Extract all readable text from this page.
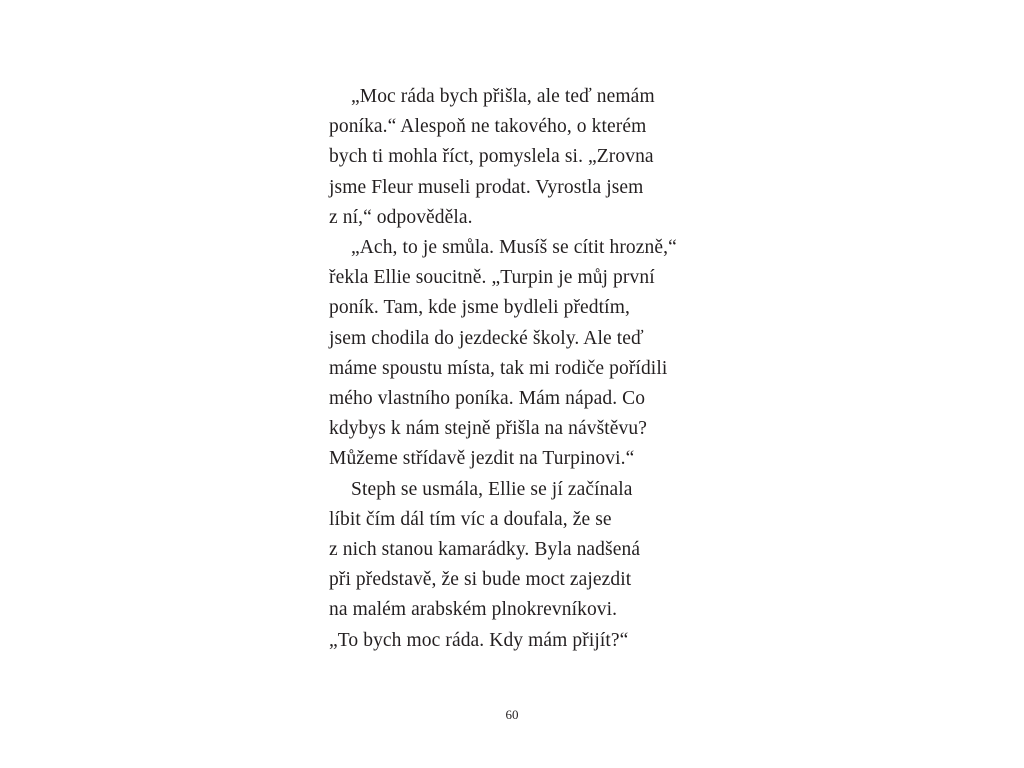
„Moc ráda bych přišla, ale teď nemám
poníka.“ Alespoň ne takového, o kterém
bych ti mohla říct, pomyslela si. „Zrovna
jsme Fleur museli prodat. Vyrostla jsem
z ní,“ odpověděla.
„Ach, to je smůla. Musíš se cítit hrozně,“
řekla Ellie soucitně. „Turpin je můj první
poník. Tam, kde jsme bydleli předtím,
jsem chodila do jezdecké školy. Ale teď
máme spoustu místa, tak mi rodiče pořídili
mého vlastního poníka. Mám nápad. Co
kdybys k nám stejně přišla na návštěvu?
Můžeme střídavě jezdit na Turpinovi.“
Steph se usmála, Ellie se jí začínala
líbit čím dál tím víc a doufala, že se
z nich stanou kamarádky. Byla nadšená
při představě, že si bude moct zajezdit
na malém arabském plnokrevníkovi.
„To bych moc ráda. Kdy mám přijít?“
60
